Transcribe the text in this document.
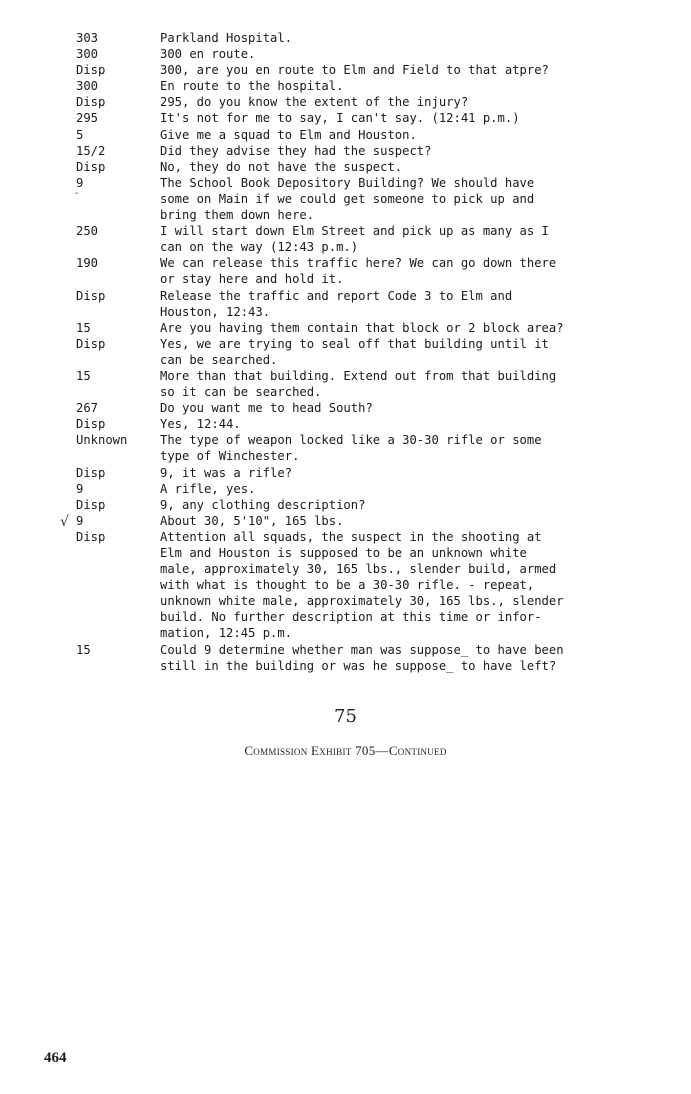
303	Parkland Hospital.
300	300 en route.
Disp	300, are you en route to Elm and Field to that atpre?
300	En route to the hospital.
Disp	295, do you know the extent of the injury?
295	It's not for me to say, I can't say. (12:41 p.m.)
5	Give me a squad to Elm and Houston.
15/2	Did they advise they had the suspect?
Disp	No, they do not have the suspect.
9	The School Book Depository Building? We should have
some on Main if we could get someone to pick up and
bring them down here.
250	I will start down Elm Street and pick up as many as I
can on the way (12:43 p.m.)
190	We can release this traffic here? We can go down there
or stay here and hold it.
Disp	Release the traffic and report Code 3 to Elm and
Houston, 12:43.
15	Are you having them contain that block or 2 block area?
Disp	Yes, we are trying to seal off that building until it
can be searched.
15	More than that building. Extend out from that building
so it can be searched.
267	Do you want me to head South?
Disp	Yes, 12:44.
Unknown	The type of weapon locked like a 30-30 rifle or some
type of Winchester.
Disp	9, it was a rifle?
9	A rifle, yes.
Disp	9, any clothing description?
9	About 30, 5'10", 165 lbs.
Disp	Attention all squads, the suspect in the shooting at
Elm and Houston is supposed to be an unknown white
male, approximately 30, 165 lbs., slender build, armed
with what is thought to be a 30-30 rifle. - repeat,
unknown white male, approximately 30, 165 lbs., slender
build. No further description at this time or infor-
mation, 12:45 p.m.
15	Could 9 determine whether man was suppose_ to have been
still in the building or was he suppose_ to have left?
√
-
75
Commission Exhibit 705—Continued
464
